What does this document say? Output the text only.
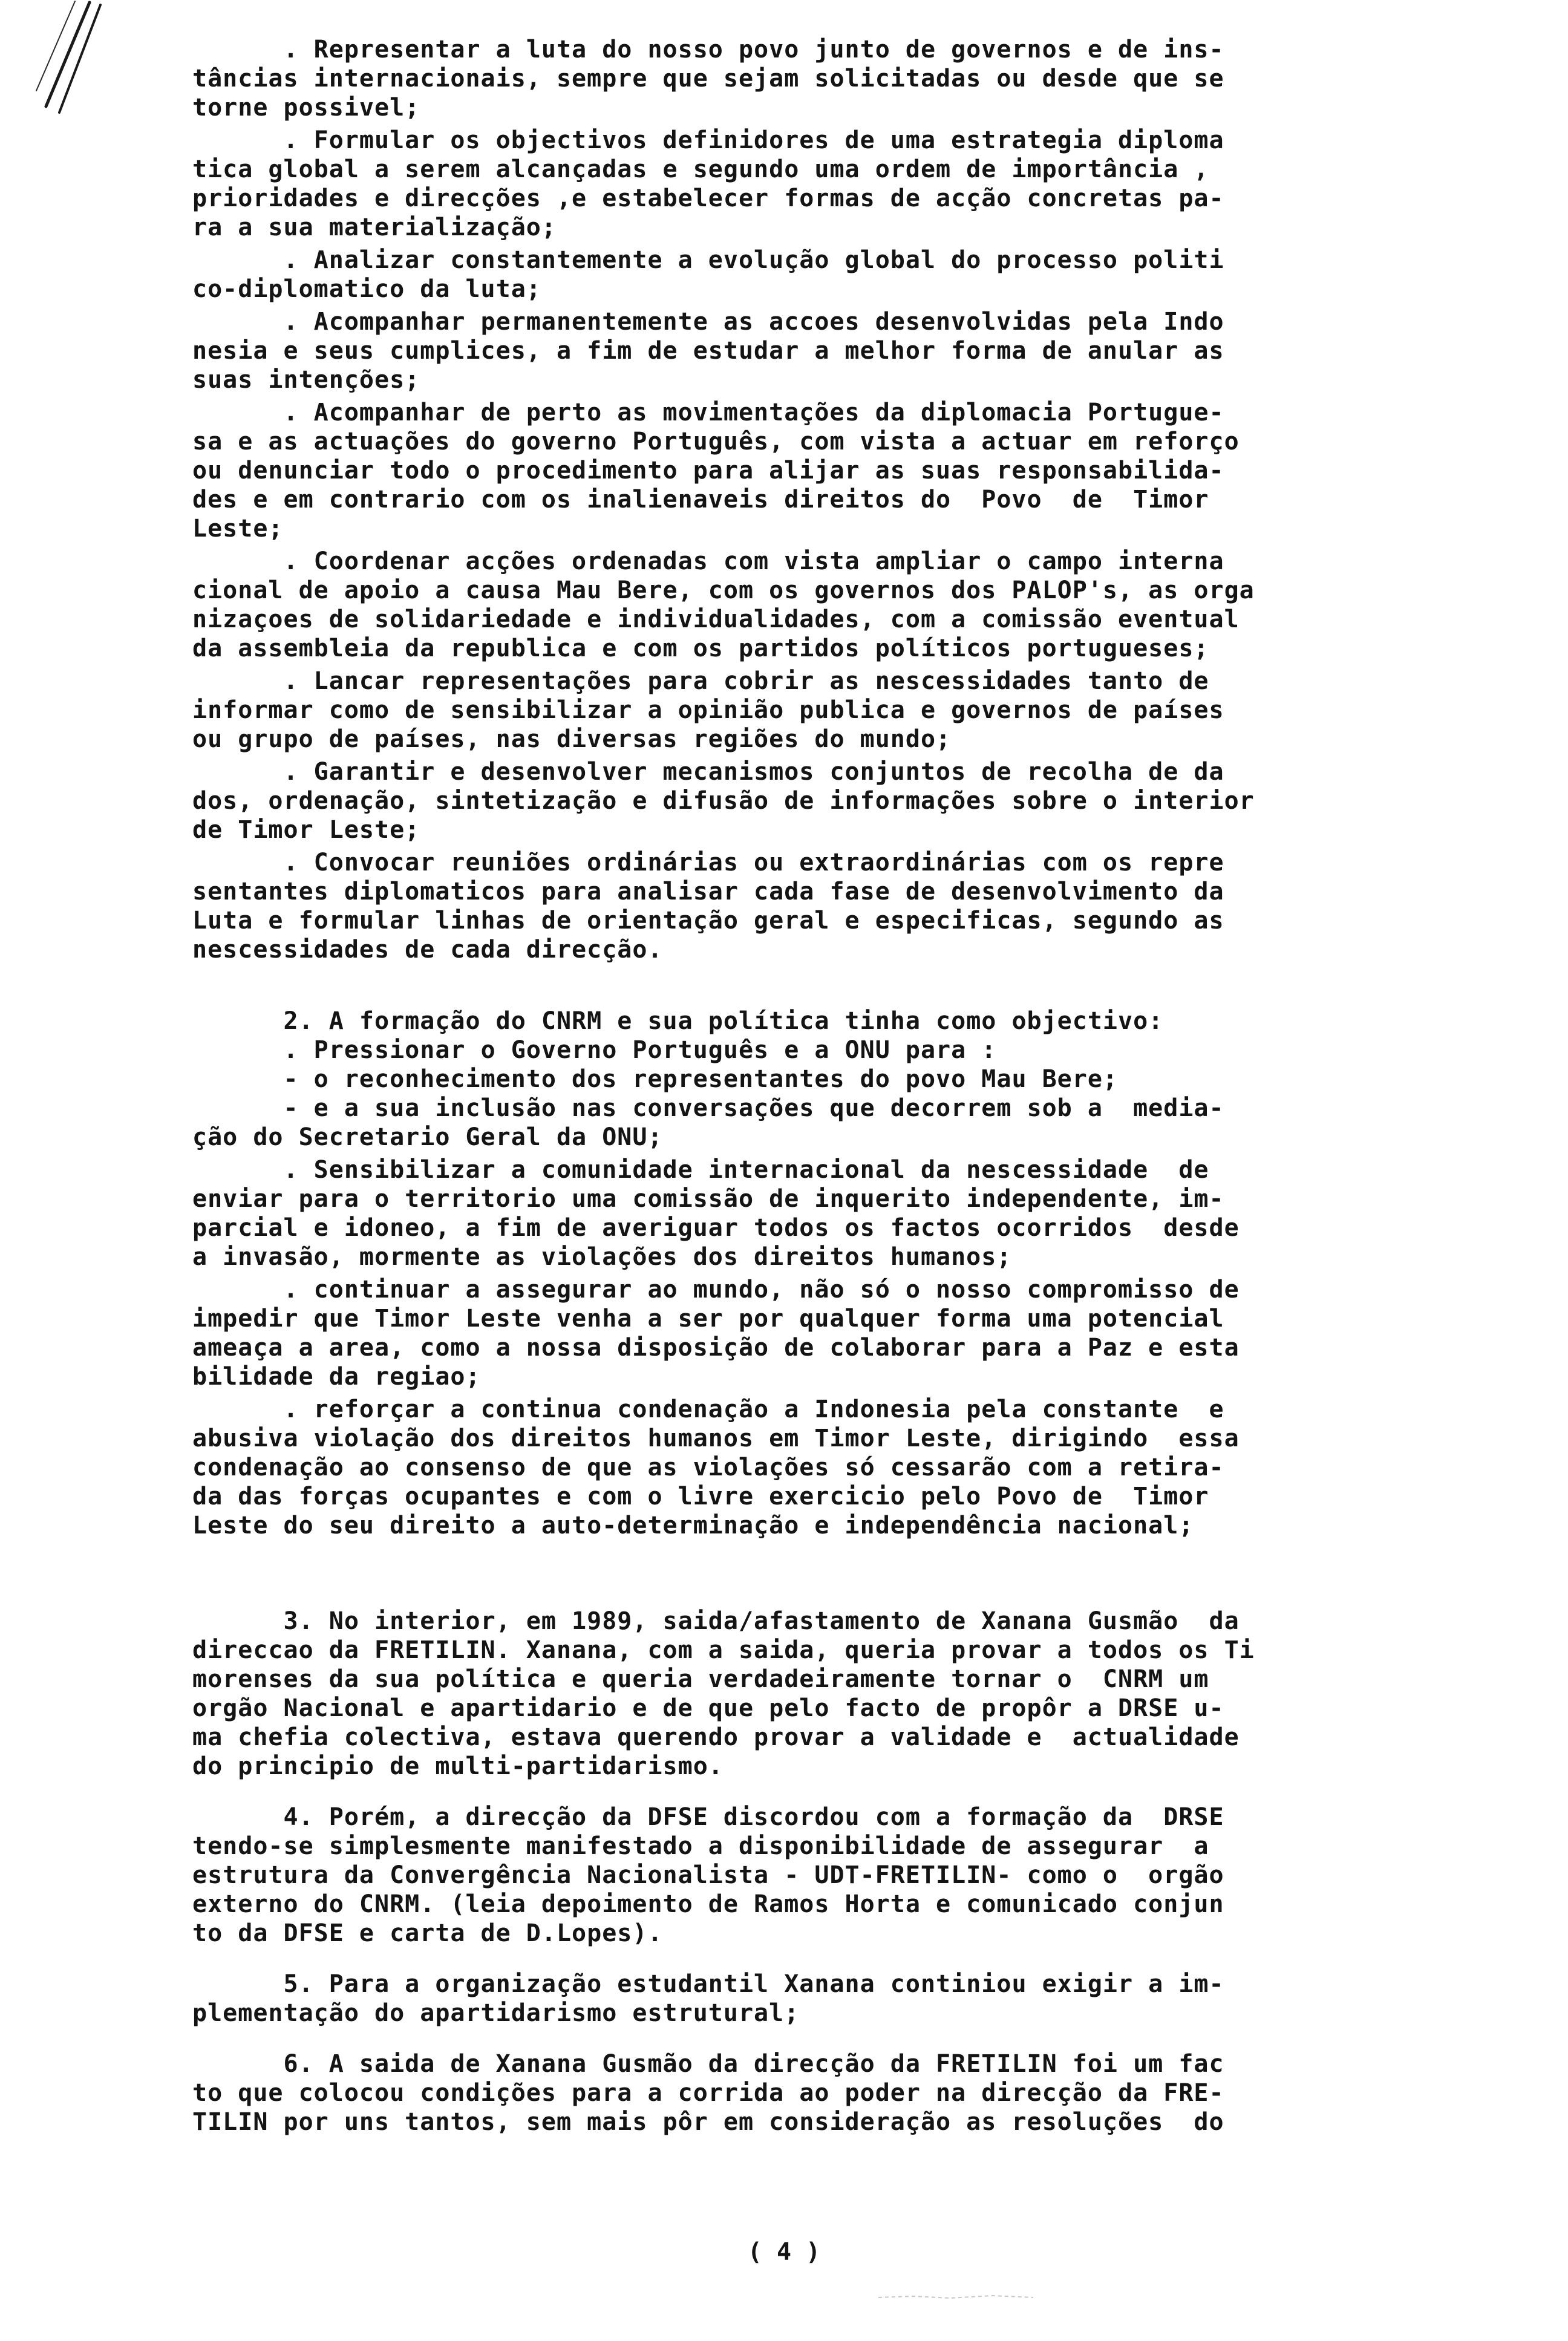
. Representar a luta do nosso povo junto de governos e de ins-
tâncias internacionais, sempre que sejam solicitadas ou desde que se
torne possivel;

. Formular os objectivos definidores de uma estrategia diploma
tica global a serem alcançadas e segundo uma ordem de importância ,
prioridades e direcções ,e estabelecer formas de acção concretas pa-
ra a sua materialização;

. Analizar constantemente a evolução global do processo politi
co-diplomatico da luta;

. Acompanhar permanentemente as accoes desenvolvidas pela Indo
nesia e seus cumplices, a fim de estudar a melhor forma de anular as
suas intenções;

. Acompanhar de perto as movimentações da diplomacia Portugue-
sa e as actuações do governo Português, com vista a actuar em reforço
ou denunciar todo o procedimento para alijar as suas responsabilida-
des e em contrario com os inalienaveis direitos do  Povo  de  Timor
Leste;

. Coordenar acções ordenadas com vista ampliar o campo interna
cional de apoio a causa Mau Bere, com os governos dos PALOP's, as orga
nizaçoes de solidariedade e individualidades, com a comissão eventual
da assembleia da republica e com os partidos políticos portugueses;

. Lancar representações para cobrir as nescessidades tanto de
informar como de sensibilizar a opinião publica e governos de países
ou grupo de países, nas diversas regiões do mundo;

. Garantir e desenvolver mecanismos conjuntos de recolha de da
dos, ordenação, sintetização e difusão de informações sobre o interior
de Timor Leste;

. Convocar reuniões ordinárias ou extraordinárias com os repre
sentantes diplomaticos para analisar cada fase de desenvolvimento da
Luta e formular linhas de orientação geral e especificas, segundo as
nescessidades de cada direcção.

2. A formação do CNRM e sua política tinha como objectivo:
. Pressionar o Governo Português e a ONU para :
- o reconhecimento dos representantes do povo Mau Bere;
- e a sua inclusão nas conversações que decorrem sob a  media-
ção do Secretario Geral da ONU;

. Sensibilizar a comunidade internacional da nescessidade  de
enviar para o territorio uma comissão de inquerito independente, im-
parcial e idoneo, a fim de averiguar todos os factos ocorridos  desde
a invasão, mormente as violações dos direitos humanos;

. continuar a assegurar ao mundo, não só o nosso compromisso de
impedir que Timor Leste venha a ser por qualquer forma uma potencial
ameaça a area, como a nossa disposição de colaborar para a Paz e esta
bilidade da regiao;

. reforçar a continua condenação a Indonesia pela constante  e
abusiva violação dos direitos humanos em Timor Leste, dirigindo  essa
condenação ao consenso de que as violações só cessarão com a retira-
da das forças ocupantes e com o livre exercicio pelo Povo de  Timor
Leste do seu direito a auto-determinação e independência nacional;

3. No interior, em 1989, saida/afastamento de Xanana Gusmão  da
direccao da FRETILIN. Xanana, com a saida, queria provar a todos os Ti
morenses da sua política e queria verdadeiramente tornar o  CNRM um
orgão Nacional e apartidario e de que pelo facto de propôr a DRSE u-
ma chefia colectiva, estava querendo provar a validade e  actualidade
do principio de multi-partidarismo.

4. Porém, a direcção da DFSE discordou com a formação da  DRSE
tendo-se simplesmente manifestado a disponibilidade de assegurar  a
estrutura da Convergência Nacionalista - UDT-FRETILIN- como o  orgão
externo do CNRM. (leia depoimento de Ramos Horta e comunicado conjun
to da DFSE e carta de D.Lopes).

5. Para a organização estudantil Xanana continiou exigir a im-
plementação do apartidarismo estrutural;

6. A saida de Xanana Gusmão da direcção da FRETILIN foi um fac
to que colocou condições para a corrida ao poder na direcção da FRE-
TILIN por uns tantos, sem mais pôr em consideração as resoluções  do

( 4 )
